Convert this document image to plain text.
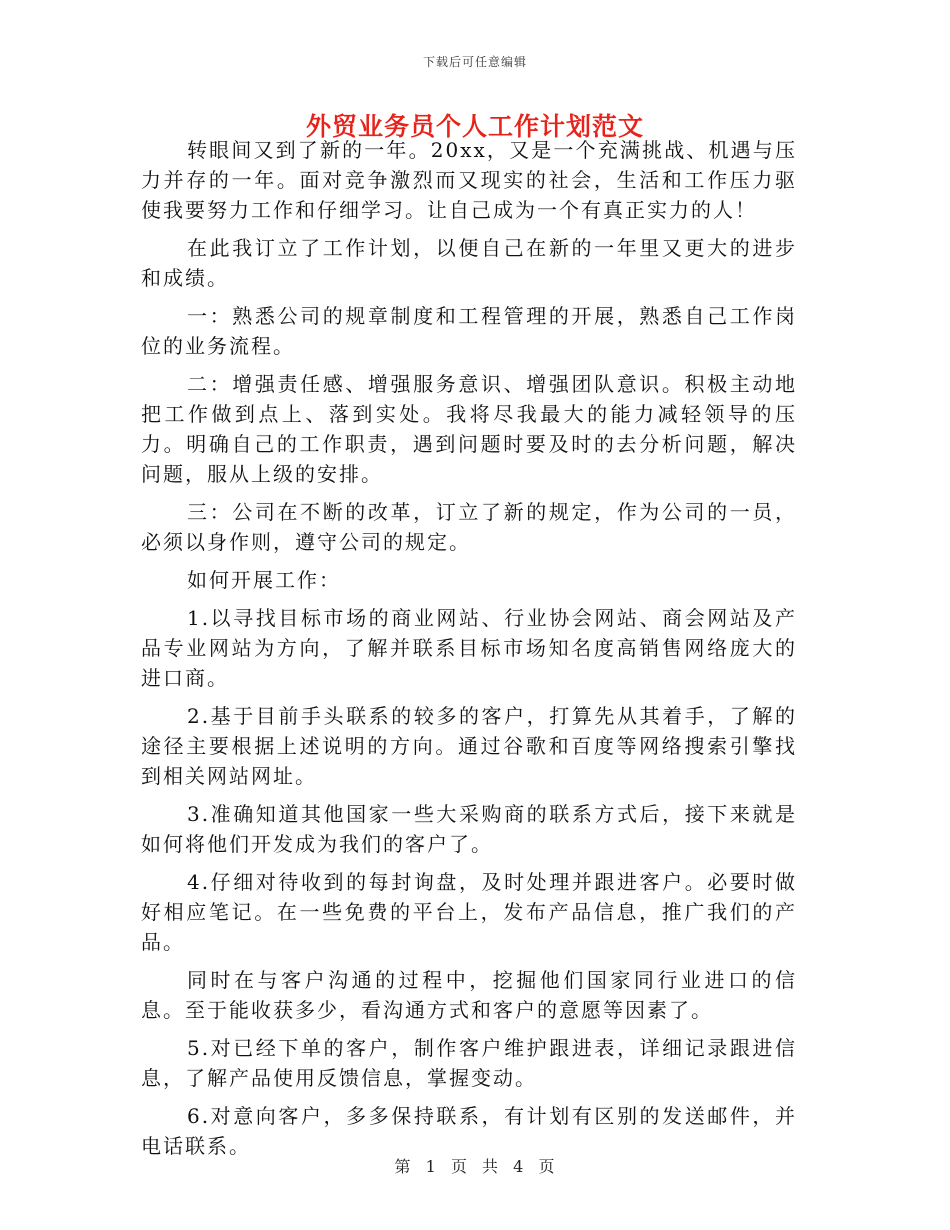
下载后可任意编辑
外贸业务员个人工作计划范文

转眼间又到了新的一年。20xx，又是一个充满挑战、机遇与压力并存的一年。面对竞争激烈而又现实的社会，生活和工作压力驱使我要努力工作和仔细学习。让自己成为一个有真正实力的人！

在此我订立了工作计划，以便自己在新的一年里又更大的进步和成绩。

一：熟悉公司的规章制度和工程管理的开展，熟悉自己工作岗位的业务流程。

二：增强责任感、增强服务意识、增强团队意识。积极主动地把工作做到点上、落到实处。我将尽我最大的能力减轻领导的压力。明确自己的工作职责，遇到问题时要及时的去分析问题，解决问题，服从上级的安排。

三：公司在不断的改革，订立了新的规定，作为公司的一员，必须以身作则，遵守公司的规定。

如何开展工作：

1.以寻找目标市场的商业网站、行业协会网站、商会网站及产品专业网站为方向，了解并联系目标市场知名度高销售网络庞大的进口商。

2.基于目前手头联系的较多的客户，打算先从其着手，了解的途径主要根据上述说明的方向。通过谷歌和百度等网络搜索引擎找到相关网站网址。

3.准确知道其他国家一些大采购商的联系方式后，接下来就是如何将他们开发成为我们的客户了。

4.仔细对待收到的每封询盘，及时处理并跟进客户。必要时做好相应笔记。在一些免费的平台上，发布产品信息，推广我们的产品。

同时在与客户沟通的过程中，挖掘他们国家同行业进口的信息。至于能收获多少，看沟通方式和客户的意愿等因素了。

5.对已经下单的客户，制作客户维护跟进表，详细记录跟进信息，了解产品使用反馈信息，掌握变动。

6.对意向客户，多多保持联系，有计划有区别的发送邮件，并电话联系。

第 1 页 共 4 页
